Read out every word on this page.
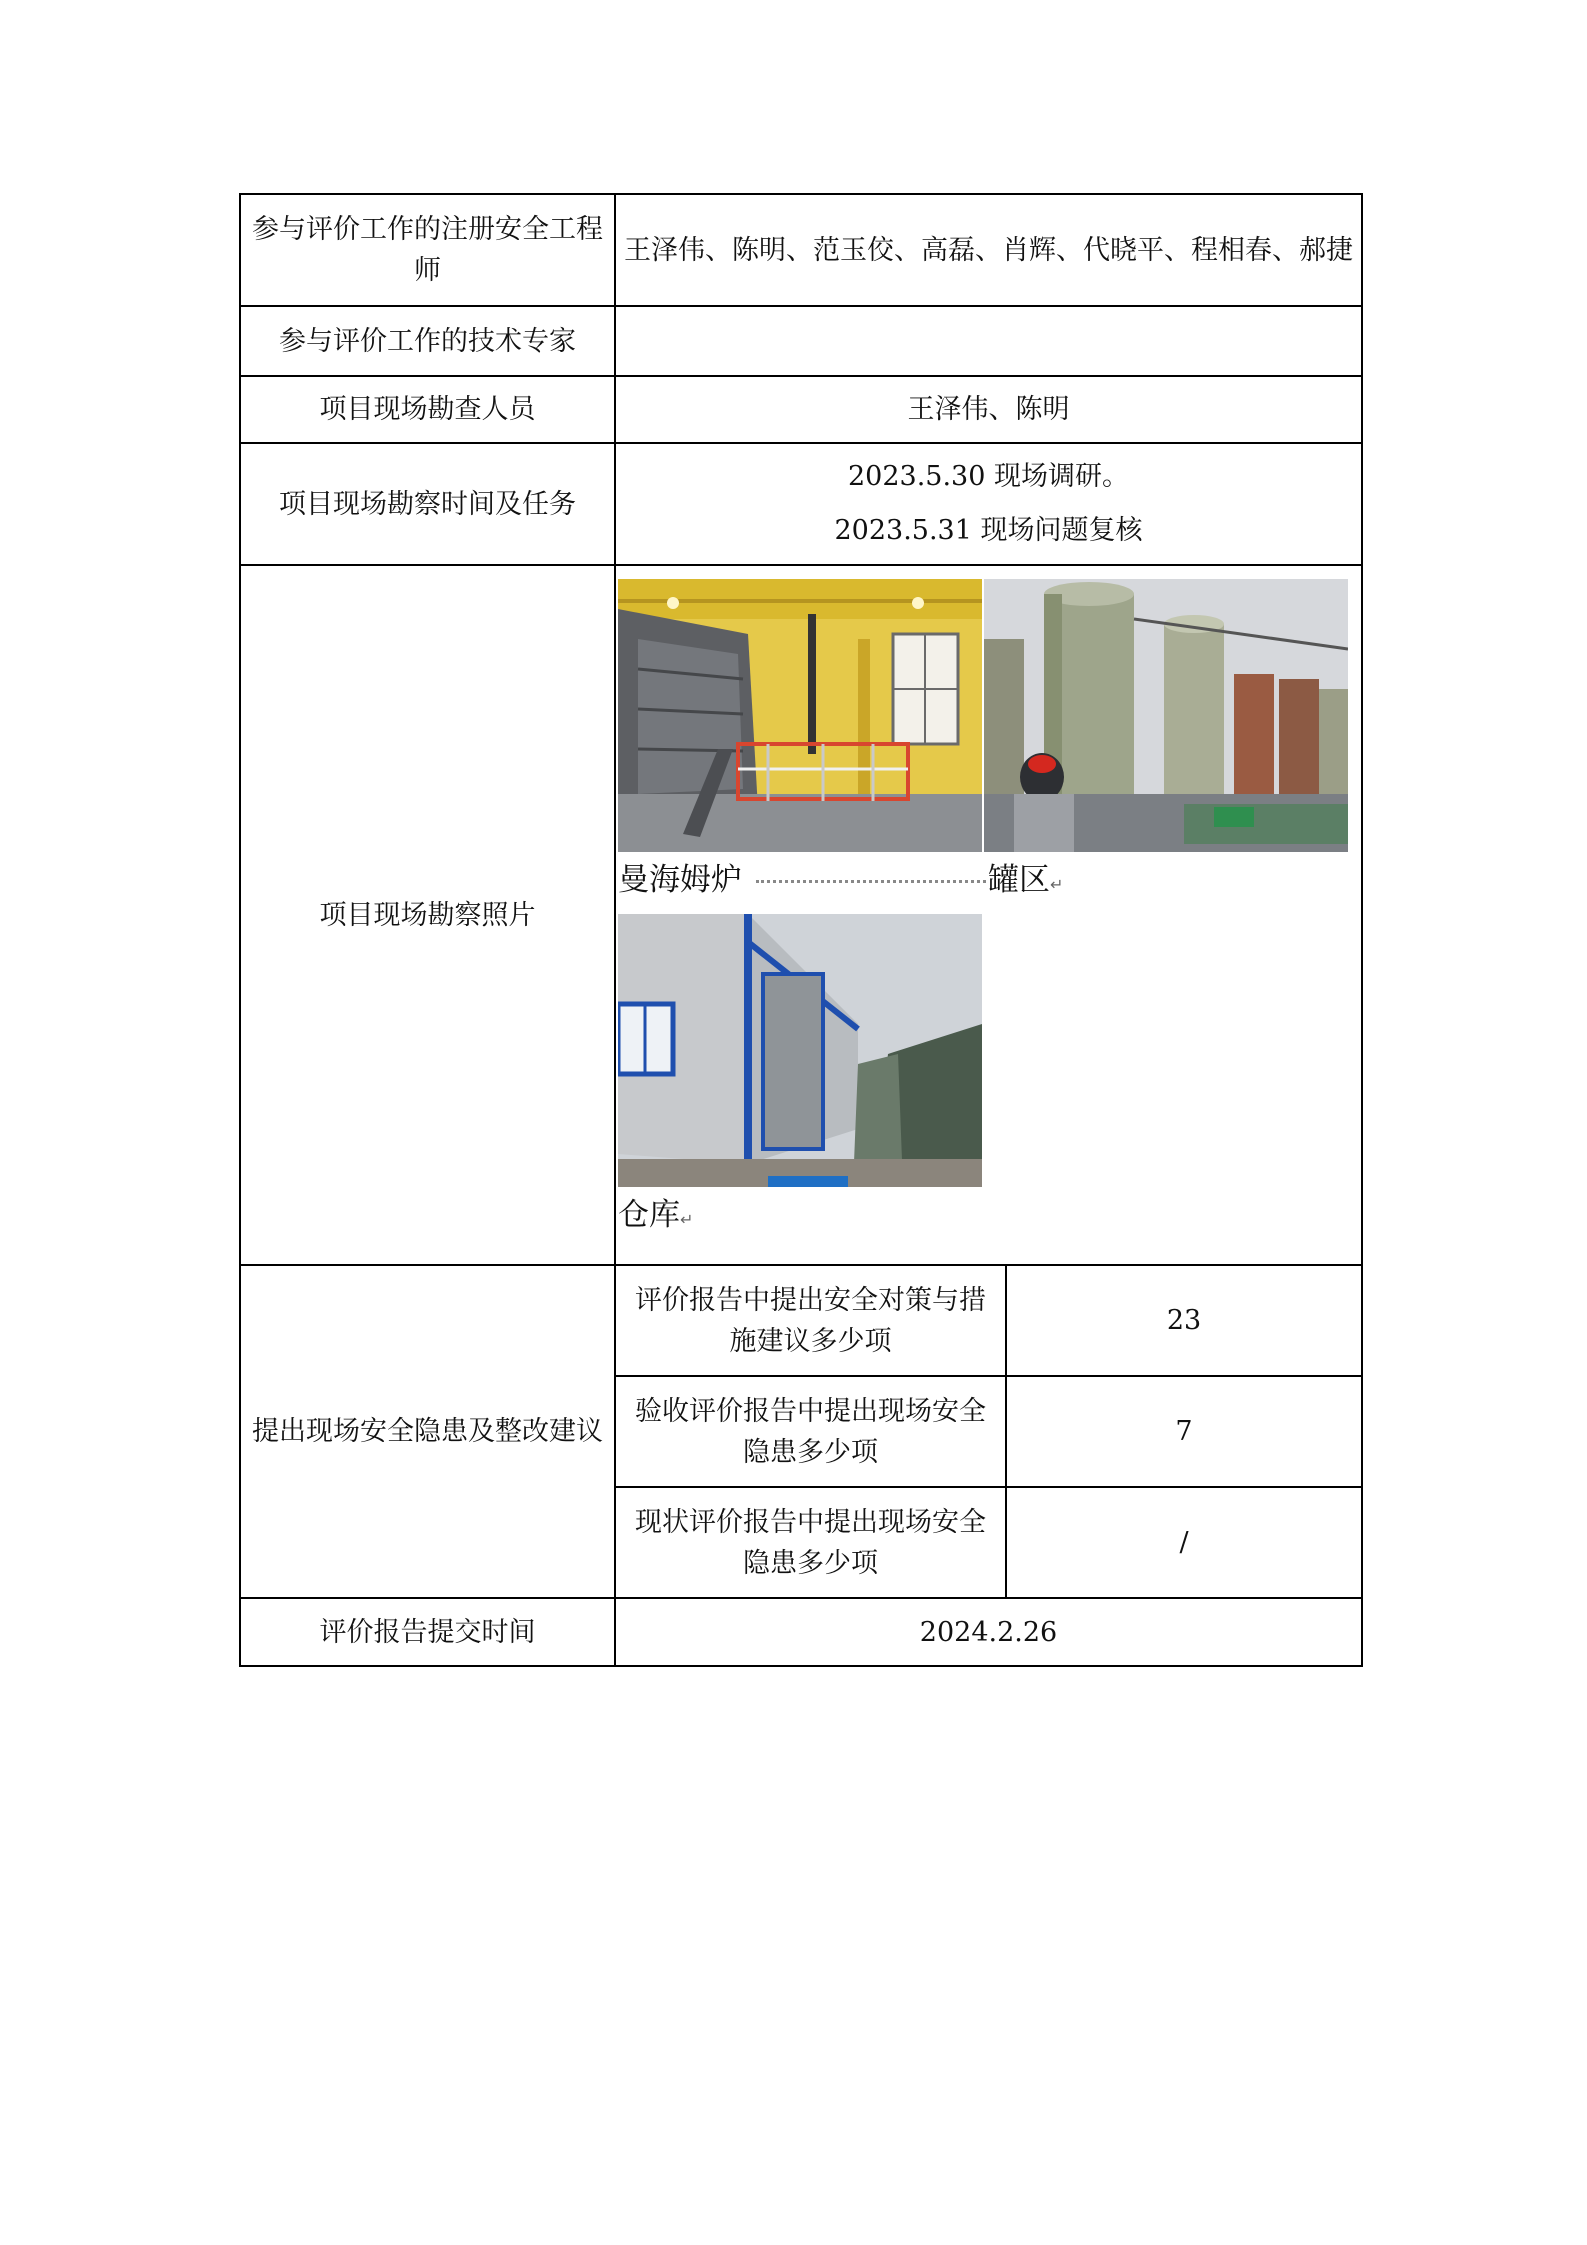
参与评价工作的注册安全工程师	王泽伟、陈明、范玉佼、高磊、肖辉、代晓平、程相春、郝捷	
参与评价工作的技术专家		
项目现场勘查人员	王泽伟、陈明	
项目现场勘察时间及任务	2023.5.30 现场调研。
2023.5.31 现场问题复核	

项目现场勘察照片	曼海姆炉 罐区↵
仓库↵	

提出现场安全隐患及整改建议	评价报告中提出安全对策与措施建议多少项	23
	验收评价报告中提出现场安全隐患多少项	7
	现状评价报告中提出现场安全隐患多少项	/
评价报告提交时间	2024.2.26	
